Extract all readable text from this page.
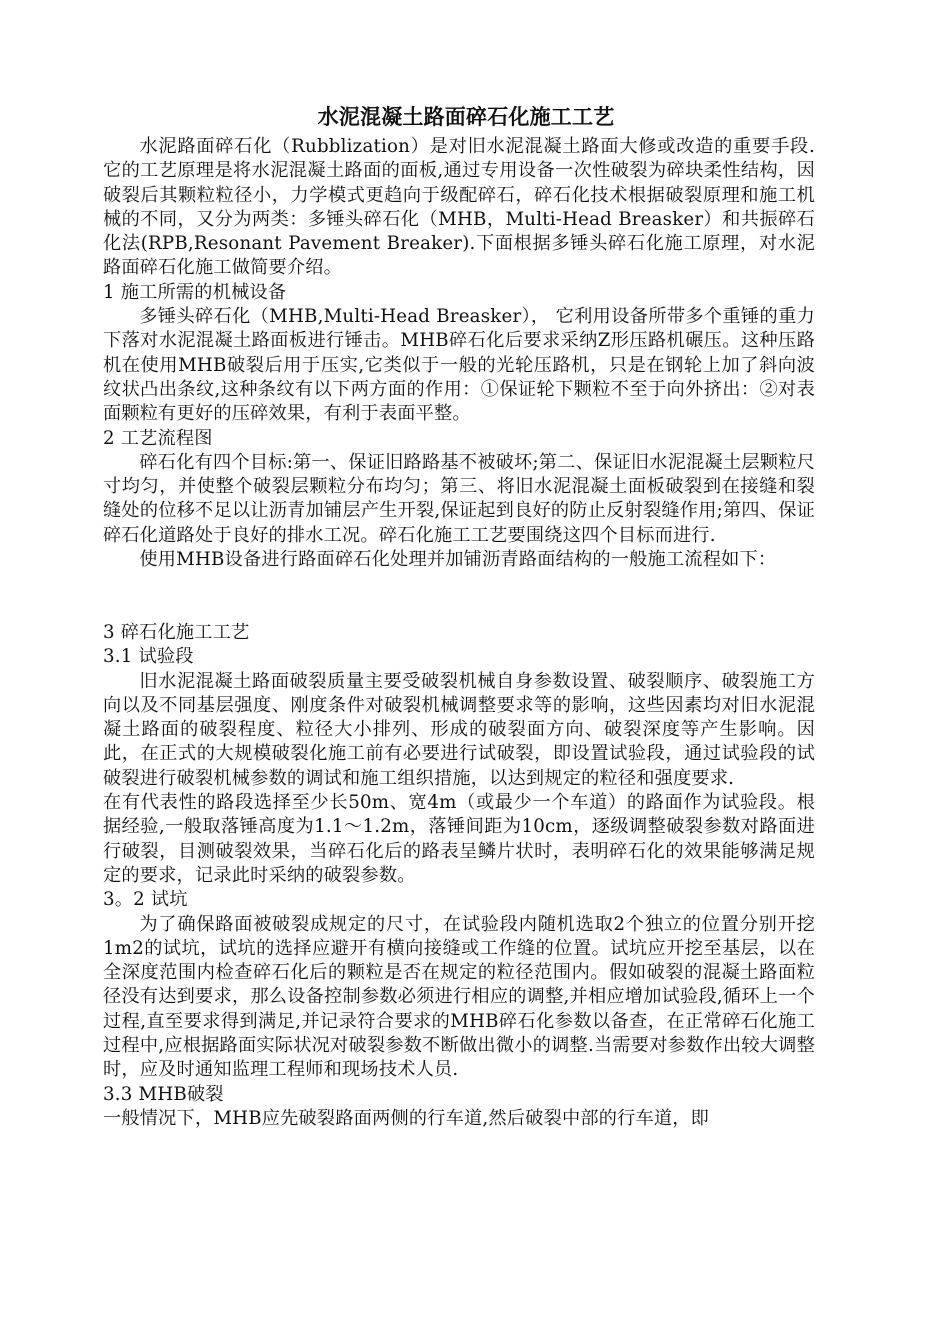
水泥混凝土路面碎石化施工工艺

水泥路面碎石化（Rubblization）是对旧水泥混凝土路面大修或改造的重要手段.它的工艺原理是将水泥混凝土路面的面板,通过专用设备一次性破裂为碎块柔性结构，因破裂后其颗粒粒径小，力学模式更趋向于级配碎石，碎石化技术根据破裂原理和施工机械的不同，又分为两类：多锤头碎石化（MHB，Multi-Head Breasker）和共振碎石化法(RPB,Resonant Pavement Breaker).下面根据多锤头碎石化施工原理，对水泥路面碎石化施工做简要介绍。

1 施工所需的机械设备

多锤头碎石化（MHB,Multi-Head Breasker）， 它利用设备所带多个重锤的重力下落对水泥混凝土路面板进行锤击。MHB碎石化后要求采纳Z形压路机碾压。这种压路机在使用MHB破裂后用于压实,它类似于一般的光轮压路机，只是在钢轮上加了斜向波纹状凸出条纹,这种条纹有以下两方面的作用：①保证轮下颗粒不至于向外挤出：②对表面颗粒有更好的压碎效果，有利于表面平整。

2 工艺流程图

碎石化有四个目标:第一、保证旧路路基不被破坏;第二、保证旧水泥混凝土层颗粒尺寸均匀，并使整个破裂层颗粒分布均匀；第三、将旧水泥混凝土面板破裂到在接缝和裂缝处的位移不足以让沥青加铺层产生开裂,保证起到良好的防止反射裂缝作用;第四、保证碎石化道路处于良好的排水工况。碎石化施工工艺要围绕这四个目标而进行.

使用MHB设备进行路面碎石化处理并加铺沥青路面结构的一般施工流程如下：

3 碎石化施工工艺

3.1 试验段

旧水泥混凝土路面破裂质量主要受破裂机械自身参数设置、破裂顺序、破裂施工方向以及不同基层强度、刚度条件对破裂机械调整要求等的影响，这些因素均对旧水泥混凝土路面的破裂程度、粒径大小排列、形成的破裂面方向、破裂深度等产生影响。因此，在正式的大规模破裂化施工前有必要进行试破裂，即设置试验段，通过试验段的试破裂进行破裂机械参数的调试和施工组织措施，以达到规定的粒径和强度要求.

在有代表性的路段选择至少长50m、宽4m（或最少一个车道）的路面作为试验段。根据经验,一般取落锤高度为1.1～1.2m，落锤间距为10cm，逐级调整破裂参数对路面进行破裂，目测破裂效果，当碎石化后的路表呈鳞片状时，表明碎石化的效果能够满足规定的要求，记录此时采纳的破裂参数。

3。2 试坑

为了确保路面被破裂成规定的尺寸，在试验段内随机选取2个独立的位置分别开挖1m2的试坑，试坑的选择应避开有横向接缝或工作缝的位置。试坑应开挖至基层，以在全深度范围内检查碎石化后的颗粒是否在规定的粒径范围内。假如破裂的混凝土路面粒径没有达到要求，那么设备控制参数必须进行相应的调整,并相应增加试验段,循环上一个过程,直至要求得到满足,并记录符合要求的MHB碎石化参数以备查，在正常碎石化施工过程中,应根据路面实际状况对破裂参数不断做出微小的调整.当需要对参数作出较大调整时，应及时通知监理工程师和现场技术人员.

3.3 MHB破裂

一般情况下，MHB应先破裂路面两侧的行车道,然后破裂中部的行车道，即
